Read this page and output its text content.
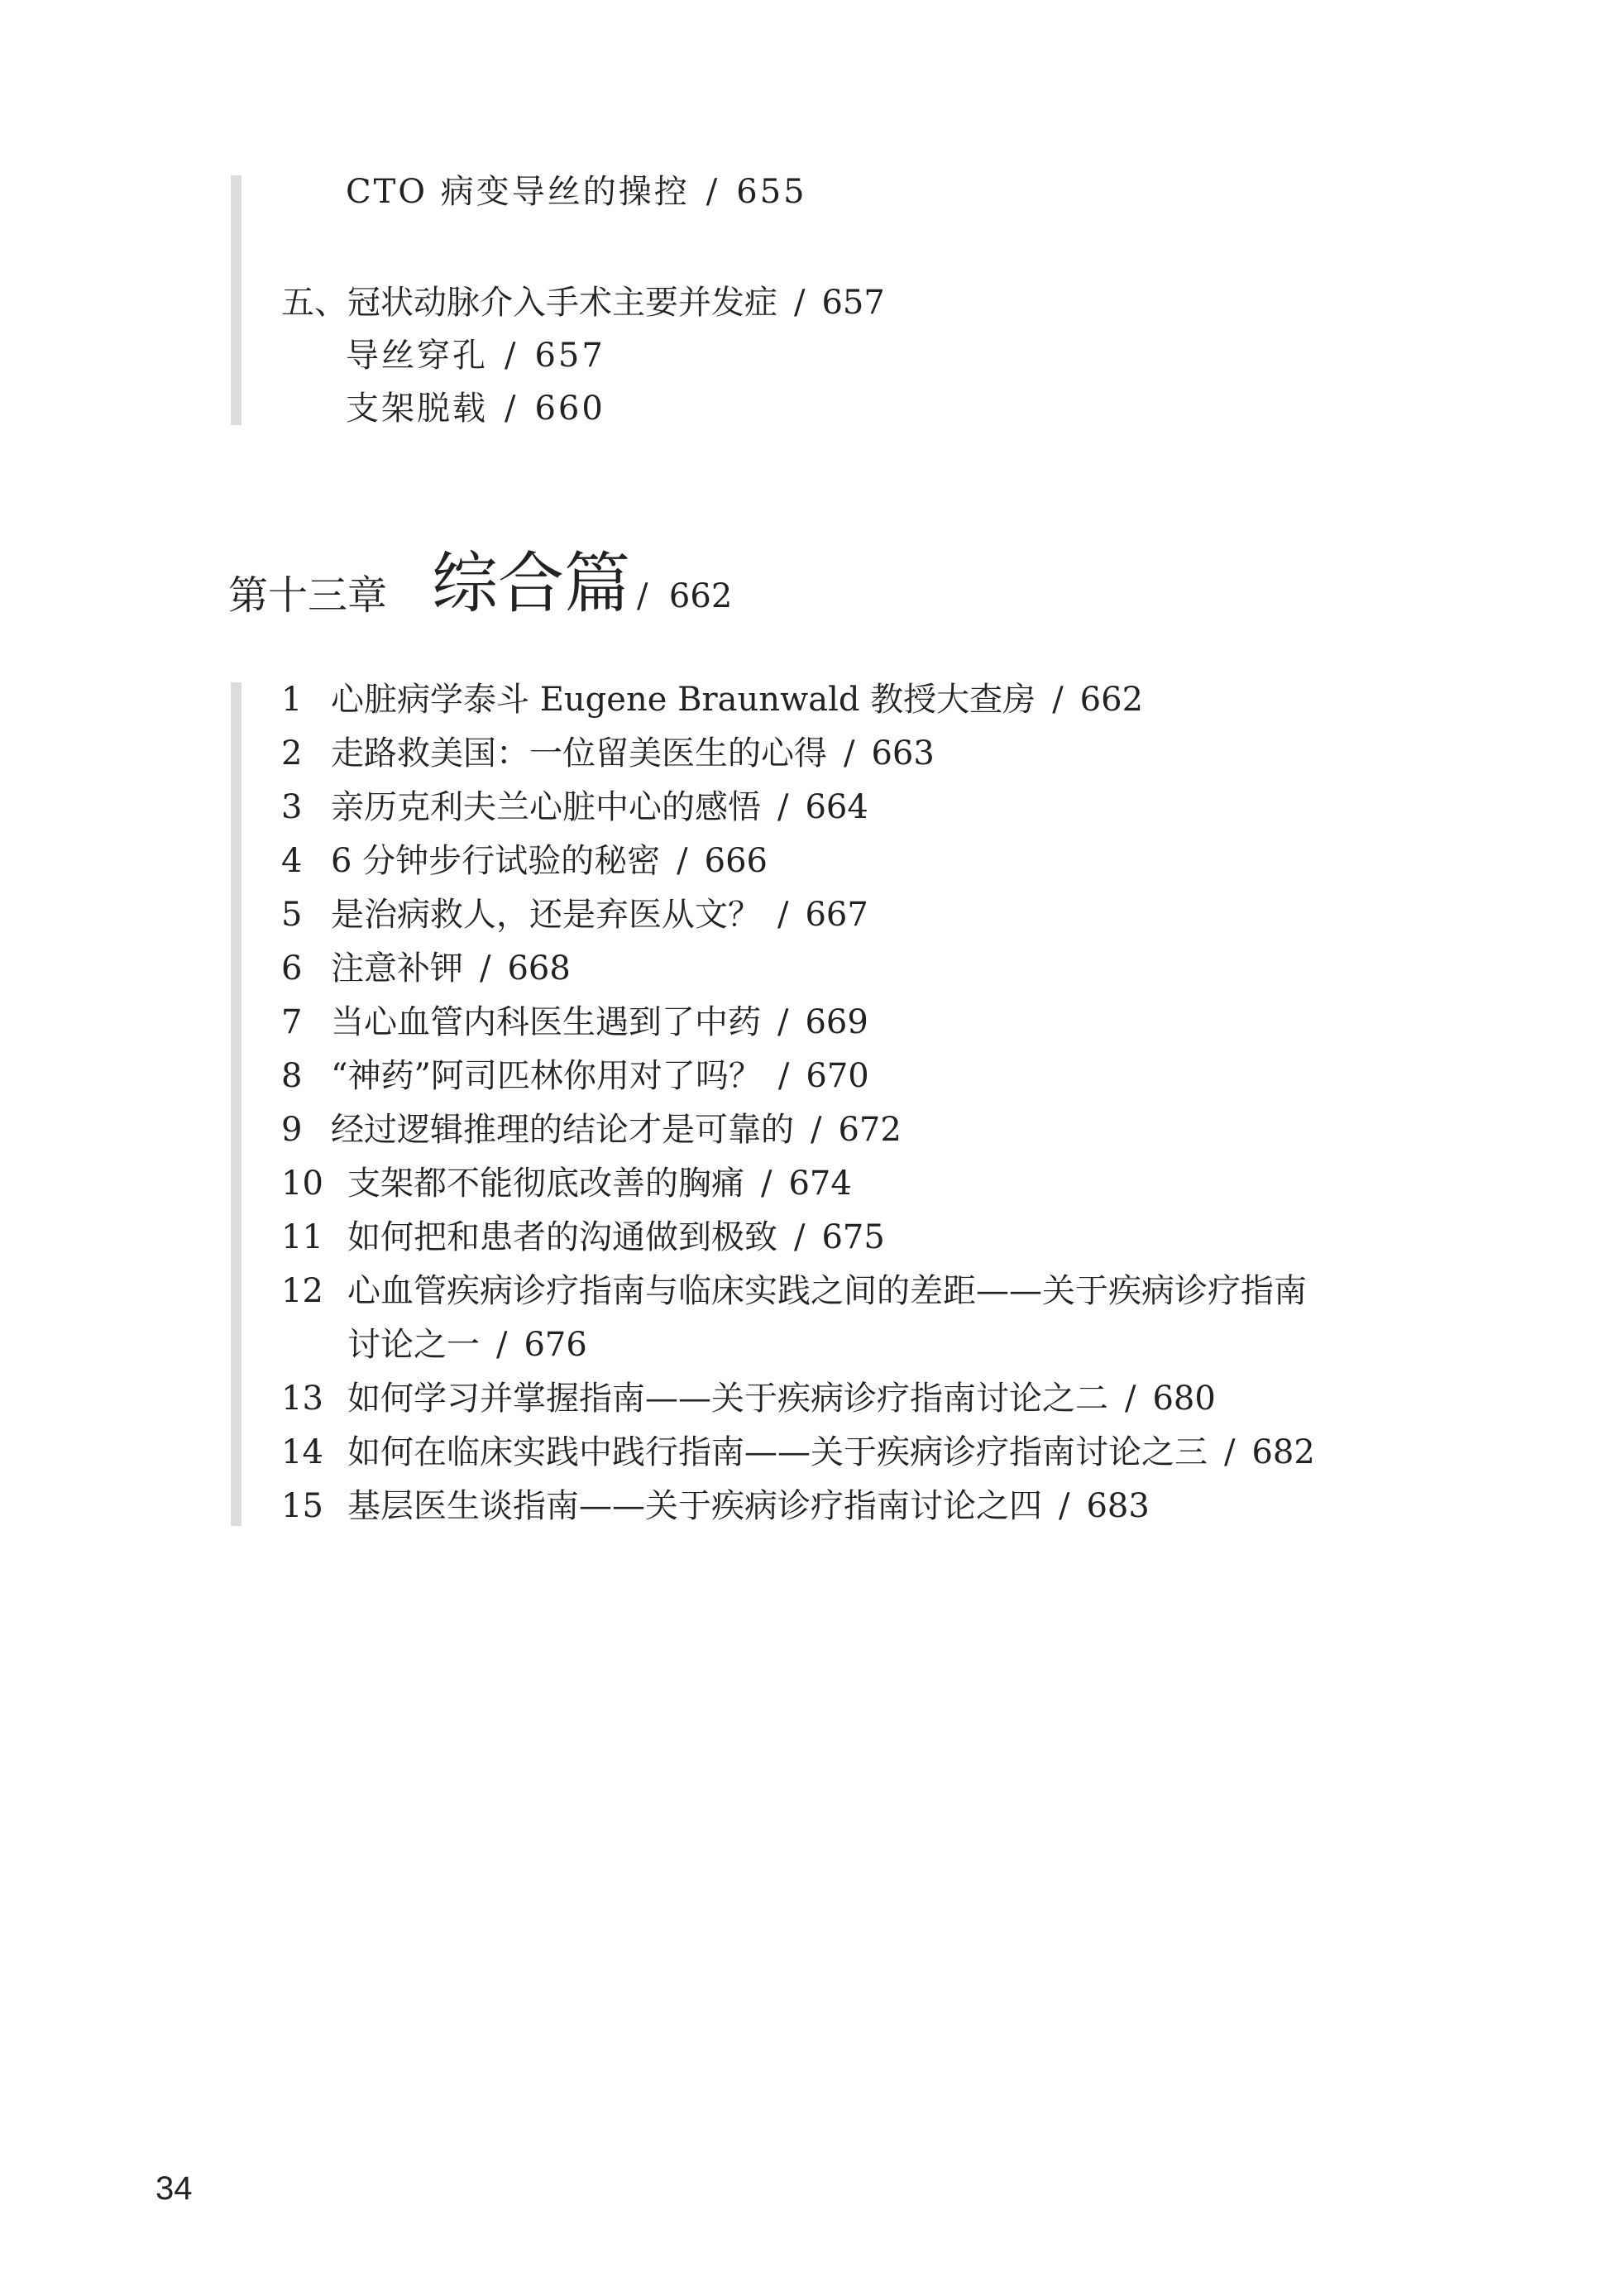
CTO 病变导丝的操控 / 655
五、冠状动脉介入手术主要并发症 / 657
导丝穿孔 / 657
支架脱载 / 660
第十三章 综合篇 / 662
1 心脏病学泰斗 Eugene Braunwald 教授大查房 / 662
2 走路救美国：一位留美医生的心得 / 663
3 亲历克利夫兰心脏中心的感悟 / 664
4 6 分钟步行试验的秘密 / 666
5 是治病救人，还是弃医从文？ / 667
6 注意补钾 / 668
7 当心血管内科医生遇到了中药 / 669
8 “神药”阿司匹林你用对了吗？ / 670
9 经过逻辑推理的结论才是可靠的 / 672
10 支架都不能彻底改善的胸痛 / 674
11 如何把和患者的沟通做到极致 / 675
12 心血管疾病诊疗指南与临床实践之间的差距——关于疾病诊疗指南
讨论之一 / 676
13 如何学习并掌握指南——关于疾病诊疗指南讨论之二 / 680
14 如何在临床实践中践行指南——关于疾病诊疗指南讨论之三 / 682
15 基层医生谈指南——关于疾病诊疗指南讨论之四 / 683
34
